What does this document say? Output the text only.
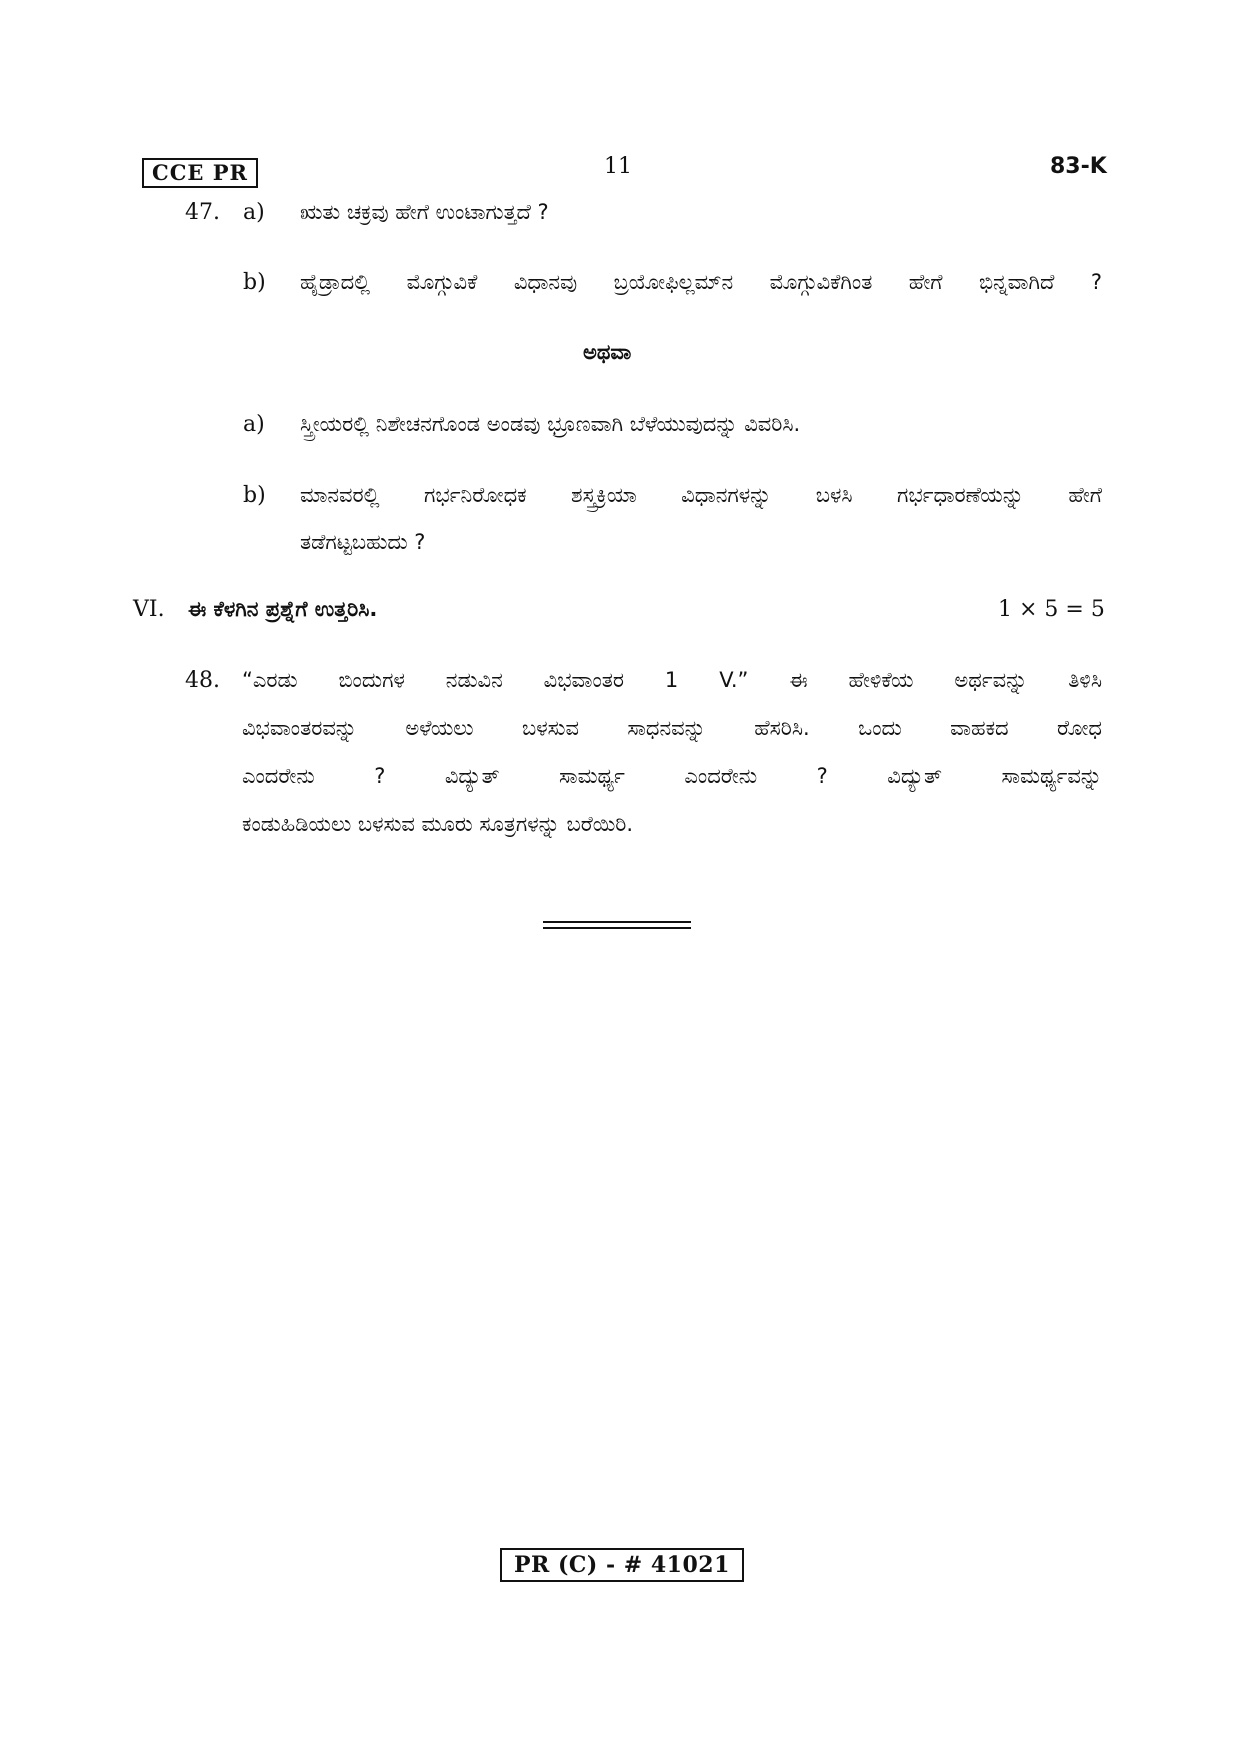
CCE PR	11	83-K
47. a) ಋತು ಚಕ್ರವು ಹೇಗೆ ಉಂಟಾಗುತ್ತದೆ ?
b) ಹೈಡ್ರಾದಲ್ಲಿ ಮೊಗ್ಗುವಿಕೆ ವಿಧಾನವು ಬ್ರಯೋಫಿಲ್ಲಮ್‌ನ ಮೊಗ್ಗುವಿಕೆಗಿಂತ ಹೇಗೆ ಭಿನ್ನವಾಗಿದೆ ?
ಅಥವಾ
a) ಸ್ತ್ರೀಯರಲ್ಲಿ ನಿಶೇಚನಗೊಂಡ ಅಂಡವು ಭ್ರೂಣವಾಗಿ ಬೆಳೆಯುವುದನ್ನು ವಿವರಿಸಿ.
b) ಮಾನವರಲ್ಲಿ ಗರ್ಭನಿರೋಧಕ ಶಸ್ತ್ರಕ್ರಿಯಾ ವಿಧಾನಗಳನ್ನು ಬಳಸಿ ಗರ್ಭಧಾರಣೆಯನ್ನು ಹೇಗೆ
ತಡೆಗಟ್ಟಬಹುದು ?
VI. ಈ ಕೆಳಗಿನ ಪ್ರಶ್ನೆಗೆ ಉತ್ತರಿಸಿ.	1 × 5 = 5
48. “ಎರಡು ಬಿಂದುಗಳ ನಡುವಿನ ವಿಭವಾಂತರ 1 V.” ಈ ಹೇಳಿಕೆಯ ಅರ್ಥವನ್ನು ತಿಳಿಸಿ
ವಿಭವಾಂತರವನ್ನು ಅಳೆಯಲು ಬಳಸುವ ಸಾಧನವನ್ನು ಹೆಸರಿಸಿ. ಒಂದು ವಾಹಕದ ರೋಧ
ಎಂದರೇನು ? ವಿದ್ಯುತ್ ಸಾಮರ್ಥ್ಯ ಎಂದರೇನು ? ವಿದ್ಯುತ್ ಸಾಮರ್ಥ್ಯವನ್ನು
ಕಂಡುಹಿಡಿಯಲು ಬಳಸುವ ಮೂರು ಸೂತ್ರಗಳನ್ನು ಬರೆಯಿರಿ.
PR (C) - # 41021
